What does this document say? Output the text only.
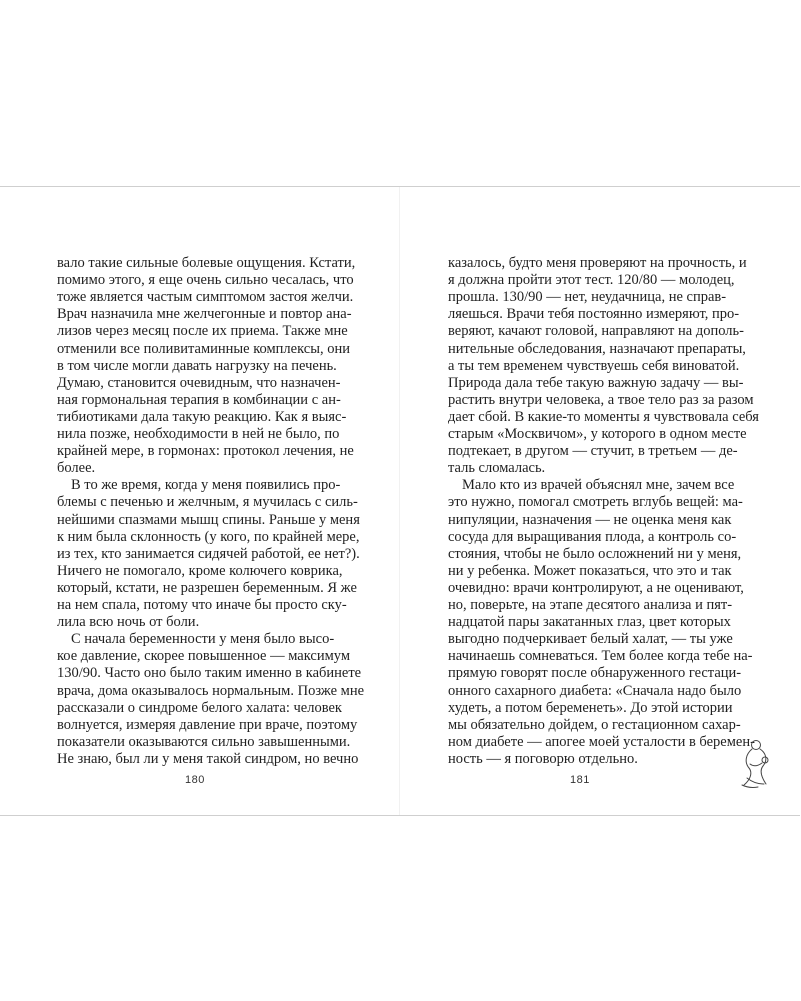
вало такие сильные болевые ощущения. Кстати,
помимо этого, я еще очень сильно чесалась, что
тоже является частым симптомом застоя желчи.
Врач назначила мне желчегонные и повтор ана-
лизов через месяц после их приема. Также мне
отменили все поливитаминные комплексы, они
в том числе могли давать нагрузку на печень.
Думаю, становится очевидным, что назначен-
ная гормональная терапия в комбинации с ан-
тибиотиками дала такую реакцию. Как я выяс-
нила позже, необходимости в ней не было, по
крайней мере, в гормонах: протокол лечения, не
более.
В то же время, когда у меня появились про-
блемы с печенью и желчным, я мучилась с силь-
нейшими спазмами мышц спины. Раньше у меня
к ним была склонность (у кого, по крайней мере,
из тех, кто занимается сидячей работой, ее нет?).
Ничего не помогало, кроме колючего коврика,
который, кстати, не разрешен беременным. Я же
на нем спала, потому что иначе бы просто ску-
лила всю ночь от боли.
С начала беременности у меня было высо-
кое давление, скорее повышенное — максимум
130/90. Часто оно было таким именно в кабинете
врача, дома оказывалось нормальным. Позже мне
рассказали о синдроме белого халата: человек
волнуется, измеряя давление при враче, поэтому
показатели оказываются сильно завышенными.
Не знаю, был ли у меня такой синдром, но вечно
казалось, будто меня проверяют на прочность, и
я должна пройти этот тест. 120/80 — молодец,
прошла. 130/90 — нет, неудачница, не справ-
ляешься. Врачи тебя постоянно измеряют, про-
веряют, качают головой, направляют на дополь-
нительные обследования, назначают препараты,
а ты тем временем чувствуешь себя виноватой.
Природа дала тебе такую важную задачу — вы-
растить внутри человека, а твое тело раз за разом
дает сбой. В какие-то моменты я чувствовала себя
старым «Москвичом», у которого в одном месте
подтекает, в другом — стучит, в третьем — де-
таль сломалась.
Мало кто из врачей объяснял мне, зачем все
это нужно, помогал смотреть вглубь вещей: ма-
нипуляции, назначения — не оценка меня как
сосуда для выращивания плода, а контроль со-
стояния, чтобы не было осложнений ни у меня,
ни у ребенка. Может показаться, что это и так
очевидно: врачи контролируют, а не оценивают,
но, поверьте, на этапе десятого анализа и пят-
надцатой пары закатанных глаз, цвет которых
выгодно подчеркивает белый халат, — ты уже
начинаешь сомневаться. Тем более когда тебе на-
прямую говорят после обнаруженного гестаци-
онного сахарного диабета: «Сначала надо было
худеть, а потом беременеть». До этой истории
мы обязательно дойдем, о гестационном сахар-
ном диабете — апогее моей усталости в беремен-
ность — я поговорю отдельно.
180	181
